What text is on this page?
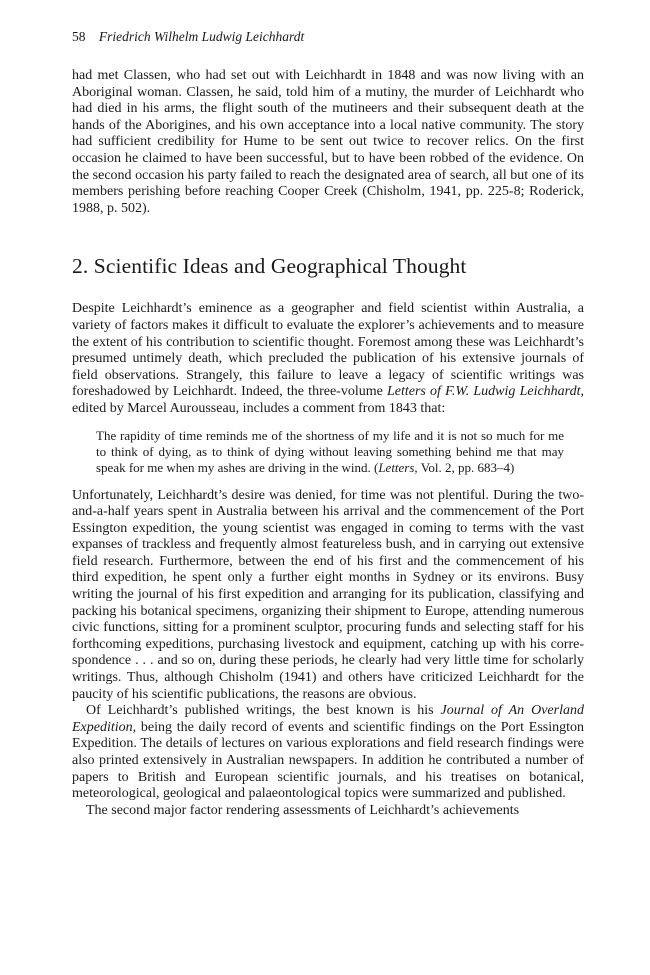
58 Friedrich Wilhelm Ludwig Leichhardt

had met Classen, who had set out with Leichhardt in 1848 and was now living with an Aboriginal woman. Classen, he said, told him of a mutiny, the murder of Leichhardt who had died in his arms, the flight south of the mutineers and their subsequent death at the hands of the Aborigines, and his own acceptance into a local native community. The story had sufficient credibility for Hume to be sent out twice to recover relics. On the first occasion he claimed to have been successful, but to have been robbed of the evidence. On the second occasion his party failed to reach the designated area of search, all but one of its members perishing before reaching Cooper Creek (Chisholm, 1941, pp. 225-8; Roderick, 1988, p. 502).

2. Scientific Ideas and Geographical Thought

Despite Leichhardt’s eminence as a geographer and field scientist within Australia, a variety of factors makes it difficult to evaluate the explorer’s achievements and to measure the extent of his contribution to scientific thought. Foremost among these was Leichhardt’s presumed untimely death, which precluded the publication of his extensive journals of field observations. Strangely, this failure to leave a legacy of scientific writings was foreshadowed by Leichhardt. Indeed, the three-volume Letters of F.W. Ludwig Leichhardt, edited by Marcel Aurousseau, includes a comment from 1843 that:

The rapidity of time reminds me of the shortness of my life and it is not so much for me to think of dying, as to think of dying without leaving something behind me that may speak for me when my ashes are driving in the wind. (Letters, Vol. 2, pp. 683–4)

Unfortunately, Leichhardt’s desire was denied, for time was not plentiful. During the two-and-a-half years spent in Australia between his arrival and the commencement of the Port Essington expedition, the young scientist was engaged in coming to terms with the vast expanses of trackless and frequently almost featureless bush, and in carrying out extensive field research. Furthermore, between the end of his first and the commencement of his third expedition, he spent only a further eight months in Sydney or its environs. Busy writing the journal of his first expedition and arranging for its publication, classifying and packing his botanical specimens, organizing their shipment to Europe, attending numerous civic functions, sitting for a prominent sculptor, procuring funds and selecting staff for his forthcoming expeditions, purchasing livestock and equipment, catching up with his correspondence . . . and so on, during these periods, he clearly had very little time for scholarly writings. Thus, although Chisholm (1941) and others have criticized Leichhardt for the paucity of his scientific publications, the reasons are obvious.

Of Leichhardt’s published writings, the best known is his Journal of An Overland Expedition, being the daily record of events and scientific findings on the Port Essington Expedition. The details of lectures on various explorations and field research findings were also printed extensively in Australian newspapers. In addition he contributed a number of papers to British and European scientific journals, and his treatises on botanical, meteorological, geological and palaeontological topics were summarized and published.

The second major factor rendering assessments of Leichhardt’s achievements
